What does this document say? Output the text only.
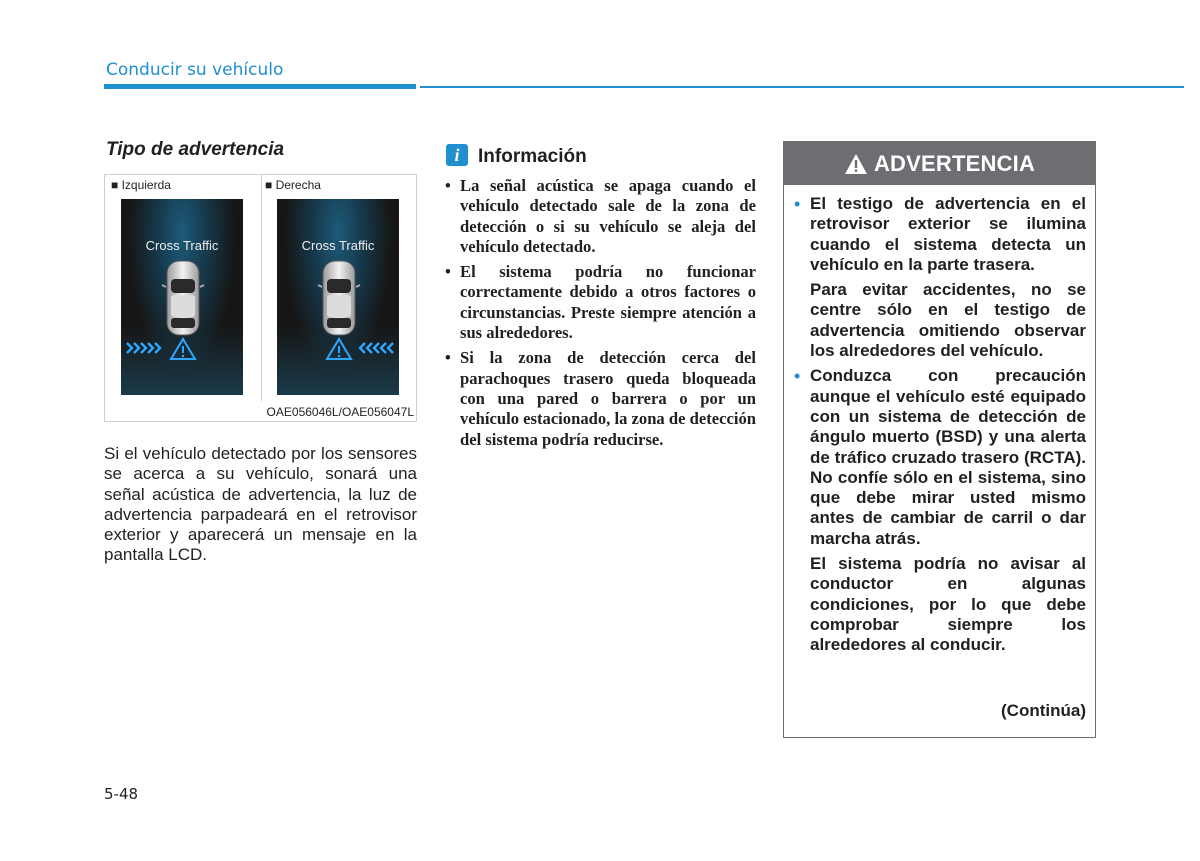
Conducir su vehículo
Tipo de advertencia
■ Izquierda	■ Derecha
Cross Traffic	Cross Traffic
OAE056046L/OAE056047L

Si el vehículo detectado por los sensores se acerca a su vehículo, sonará una señal acústica de advertencia, la luz de advertencia parpadeará en el retrovisor exterior y aparecerá un mensaje en la pantalla LCD.

5-48
i Información
• La señal acústica se apaga cuando el vehículo detectado sale de la zona de detección o si su vehículo se aleja del vehículo detectado.
• El sistema podría no funcionar correctamente debido a otros factores o circunstancias. Preste siempre atención a sus alrededores.
• Si la zona de detección cerca del parachoques trasero queda bloqueada con una pared o barrera o por un vehículo estacionado, la zona de detección del sistema podría reducirse.
ADVERTENCIA

• El testigo de advertencia en el retrovisor exterior se ilumina cuando el sistema detecta un vehículo en la parte trasera.

Para evitar accidentes, no se centre sólo en el testigo de advertencia omitiendo observar los alrededores del vehículo.

• Conduzca con precaución aunque el vehículo esté equipado con un sistema de detección de ángulo muerto (BSD) y una alerta de tráfico cruzado trasero (RCTA). No confíe sólo en el sistema, sino que debe mirar usted mismo antes de cambiar de carril o dar marcha atrás.

El sistema podría no avisar al conductor en algunas condiciones, por lo que debe comprobar siempre los alrededores al conducir.

(Continúa)
